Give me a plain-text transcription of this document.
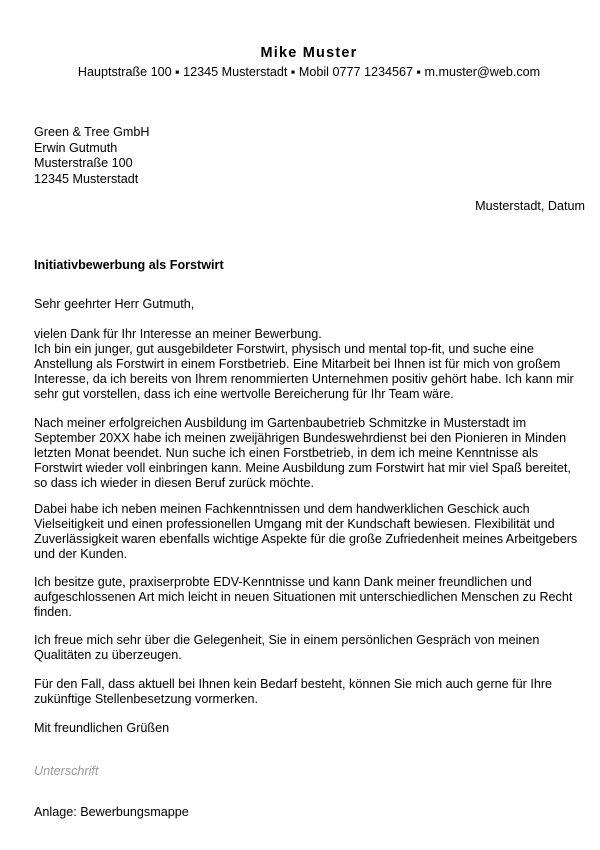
Mike Muster
Hauptstraße 100 ▪ 12345 Musterstadt ▪ Mobil 0777 1234567 ▪ m.muster@web.com
Green & Tree GmbH
Erwin Gutmuth
Musterstraße 100
12345 Musterstadt
Musterstadt, Datum
Initiativbewerbung als Forstwirt
Sehr geehrter Herr Gutmuth,
vielen Dank für Ihr Interesse an meiner Bewerbung.
Ich bin ein junger, gut ausgebildeter Forstwirt, physisch und mental top-fit, und suche eine
Anstellung als Forstwirt in einem Forstbetrieb. Eine Mitarbeit bei Ihnen ist für mich von großem
Interesse, da ich bereits von Ihrem renommierten Unternehmen positiv gehört habe. Ich kann mir
sehr gut vorstellen, dass ich eine wertvolle Bereicherung für Ihr Team wäre.
Nach meiner erfolgreichen Ausbildung im Gartenbaubetrieb Schmitzke in Musterstadt im
September 20XX habe ich meinen zweijährigen Bundeswehrdienst bei den Pionieren in Minden
letzten Monat beendet. Nun suche ich einen Forstbetrieb, in dem ich meine Kenntnisse als
Forstwirt wieder voll einbringen kann. Meine Ausbildung zum Forstwirt hat mir viel Spaß bereitet,
so dass ich wieder in diesen Beruf zurück möchte.
Dabei habe ich neben meinen Fachkenntnissen und dem handwerklichen Geschick auch
Vielseitigkeit und einen professionellen Umgang mit der Kundschaft bewiesen. Flexibilität und
Zuverlässigkeit waren ebenfalls wichtige Aspekte für die große Zufriedenheit meines Arbeitgebers
und der Kunden.
Ich besitze gute, praxiserprobte EDV-Kenntnisse und kann Dank meiner freundlichen und
aufgeschlossenen Art mich leicht in neuen Situationen mit unterschiedlichen Menschen zu Recht
finden.
Ich freue mich sehr über die Gelegenheit, Sie in einem persönlichen Gespräch von meinen
Qualitäten zu überzeugen.
Für den Fall, dass aktuell bei Ihnen kein Bedarf besteht, können Sie mich auch gerne für Ihre
zukünftige Stellenbesetzung vormerken.
Mit freundlichen Grüßen
Unterschrift
Anlage: Bewerbungsmappe
